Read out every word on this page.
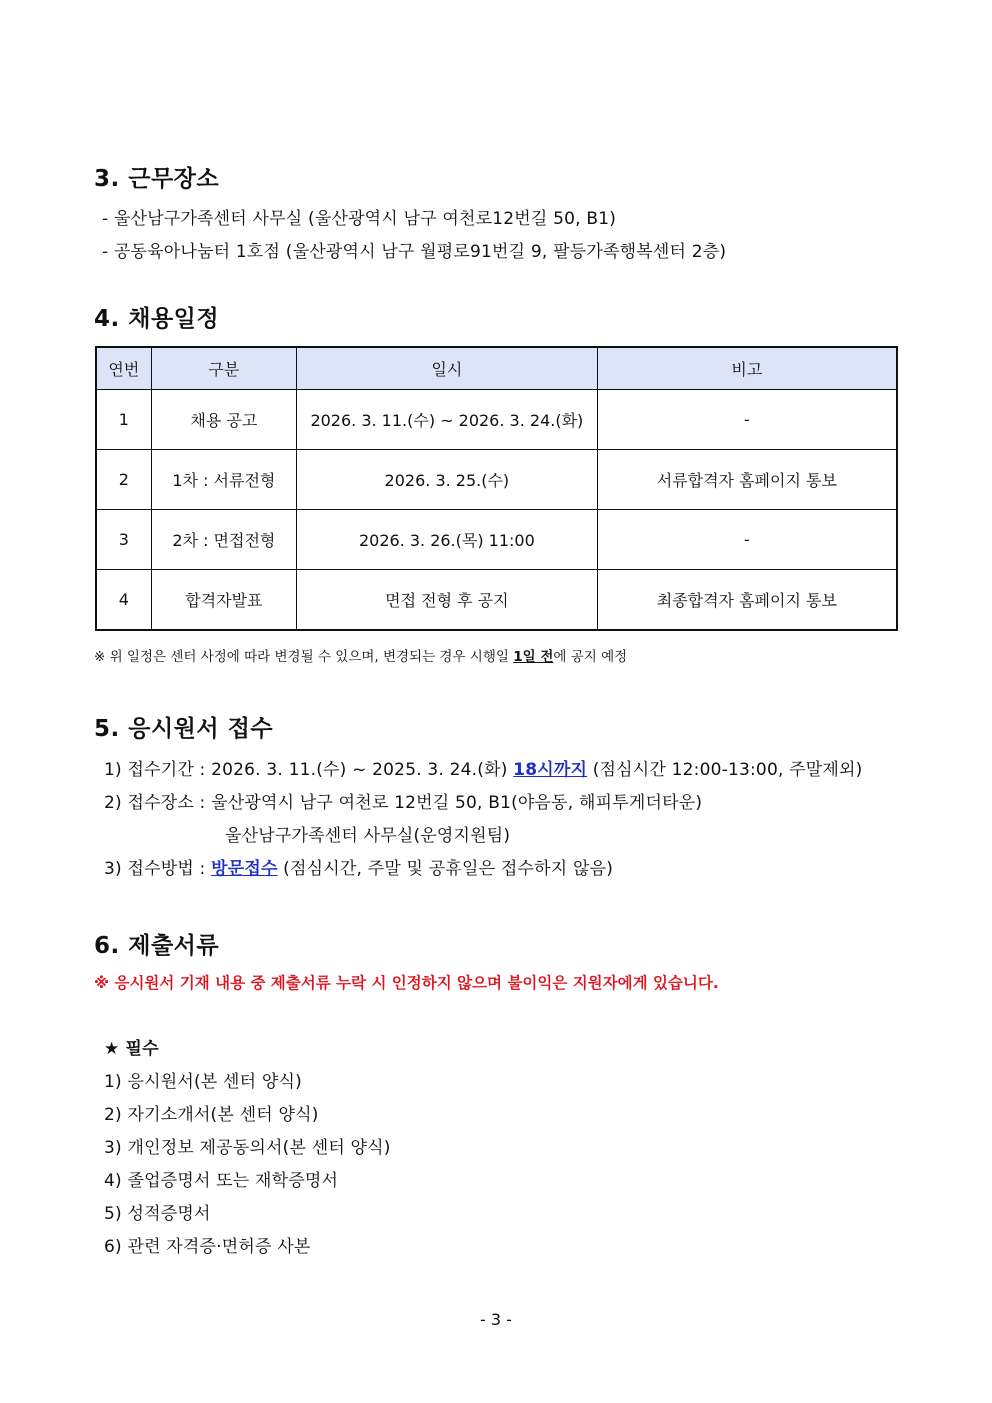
3. 근무장소
- 울산남구가족센터 사무실 (울산광역시 남구 여천로12번길 50, B1)
- 공동육아나눔터 1호점 (울산광역시 남구 월평로91번길 9, 팔등가족행복센터 2층)
4. 채용일정
연번	구분	일시	비고
1	채용 공고	2026. 3. 11.(수) ~ 2026. 3. 24.(화)	-
2	1차 : 서류전형	2026. 3. 25.(수)	서류합격자 홈페이지 통보
3	2차 : 면접전형	2026. 3. 26.(목) 11:00	-
4	합격자발표	면접 전형 후 공지	최종합격자 홈페이지 통보
※ 위 일정은 센터 사정에 따라 변경될 수 있으며, 변경되는 경우 시행일 1일 전에 공지 예정
5. 응시원서 접수
1) 접수기간 : 2026. 3. 11.(수) ~ 2025. 3. 24.(화) 18시까지 (점심시간 12:00-13:00, 주말제외)
2) 접수장소 : 울산광역시 남구 여천로 12번길 50, B1(야음동, 해피투게더타운)
울산남구가족센터 사무실(운영지원팀)
3) 접수방법 : 방문접수 (점심시간, 주말 및 공휴일은 접수하지 않음)
6. 제출서류
※ 응시원서 기재 내용 중 제출서류 누락 시 인정하지 않으며 불이익은 지원자에게 있습니다.
★ 필수
1) 응시원서(본 센터 양식)
2) 자기소개서(본 센터 양식)
3) 개인정보 제공동의서(본 센터 양식)
4) 졸업증명서 또는 재학증명서
5) 성적증명서
6) 관련 자격증·면허증 사본
- 3 -
